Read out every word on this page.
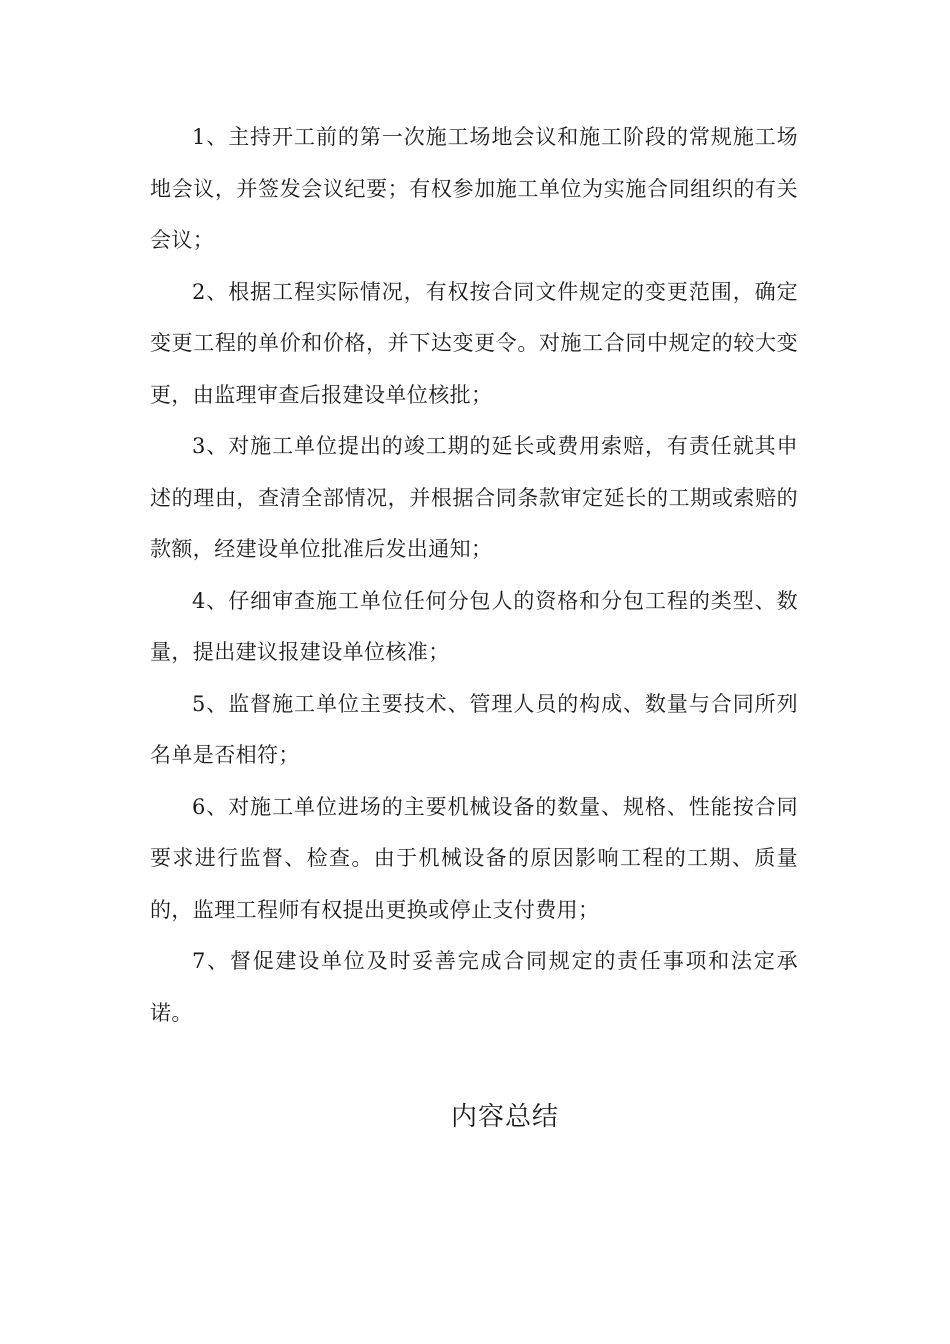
1、主持开工前的第一次施工场地会议和施工阶段的常规施工场地会议，并签发会议纪要；有权参加施工单位为实施合同组织的有关会议；

2、根据工程实际情况，有权按合同文件规定的变更范围，确定变更工程的单价和价格，并下达变更令。对施工合同中规定的较大变更，由监理审查后报建设单位核批；

3、对施工单位提出的竣工期的延长或费用索赔，有责任就其申述的理由，查清全部情况，并根据合同条款审定延长的工期或索赔的款额，经建设单位批准后发出通知；

4、仔细审查施工单位任何分包人的资格和分包工程的类型、数量，提出建议报建设单位核准；

5、监督施工单位主要技术、管理人员的构成、数量与合同所列名单是否相符；

6、对施工单位进场的主要机械设备的数量、规格、性能按合同要求进行监督、检查。由于机械设备的原因影响工程的工期、质量的，监理工程师有权提出更换或停止支付费用；

7、督促建设单位及时妥善完成合同规定的责任事项和法定承诺。

内容总结
